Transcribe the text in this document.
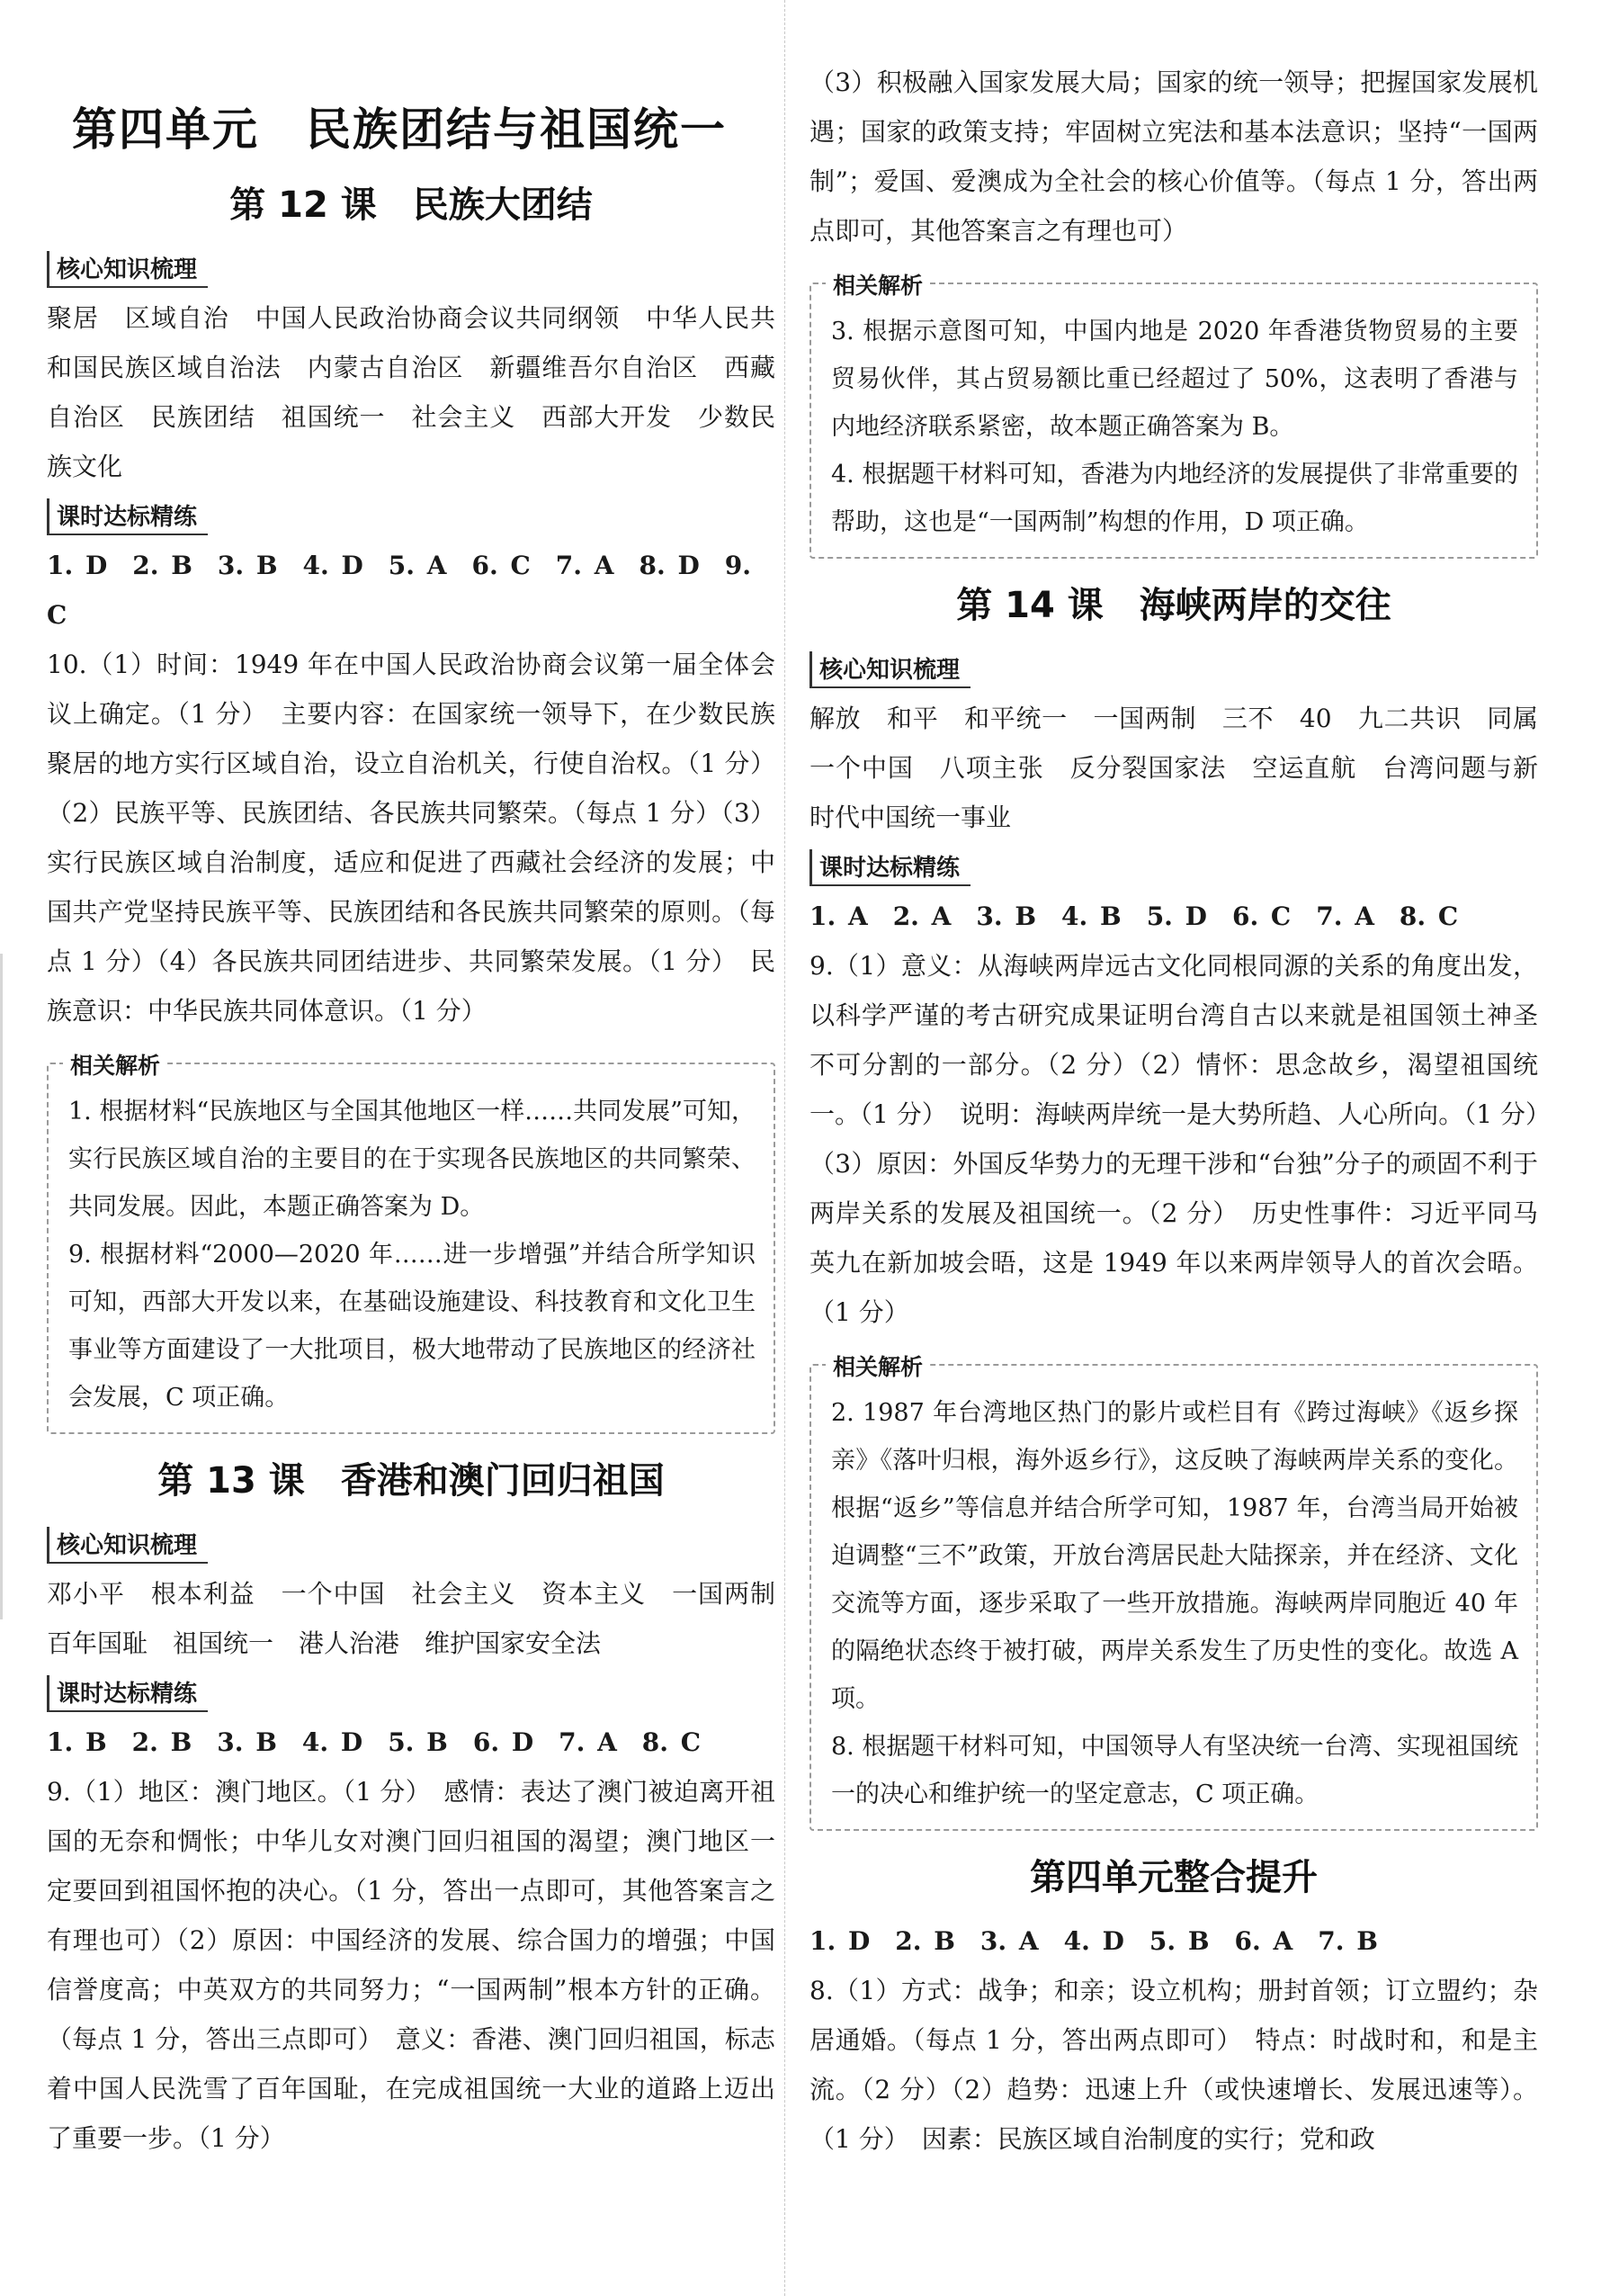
第四单元　民族团结与祖国统一
第 12 课　民族大团结
核心知识梳理

聚居　区域自治　中国人民政治协商会议共同纲领　中华人民共和国民族区域自治法　内蒙古自治区　新疆维吾尔自治区　西藏自治区　民族团结　祖国统一　社会主义　西部大开发　少数民族文化

课时达标精练

1. D　2. B　3. B　4. D　5. A　6. C　7. A　8. D　9. C

10.（1）时间：1949 年在中国人民政治协商会议第一届全体会议上确定。（1 分）　主要内容：在国家统一领导下，在少数民族聚居的地方实行区域自治，设立自治机关，行使自治权。（1 分）（2）民族平等、民族团结、各民族共同繁荣。（每点 1 分）（3）实行民族区域自治制度，适应和促进了西藏社会经济的发展；中国共产党坚持民族平等、民族团结和各民族共同繁荣的原则。（每点 1 分）（4）各民族共同团结进步、共同繁荣发展。（1 分）　民族意识：中华民族共同体意识。（1 分）

相关解析

1. 根据材料“民族地区与全国其他地区一样……共同发展”可知，实行民族区域自治的主要目的在于实现各民族地区的共同繁荣、共同发展。因此，本题正确答案为 D。

9. 根据材料“2000—2020 年……进一步增强”并结合所学知识可知，西部大开发以来，在基础设施建设、科技教育和文化卫生事业等方面建设了一大批项目，极大地带动了民族地区的经济社会发展，C 项正确。

第 13 课　香港和澳门回归祖国
核心知识梳理

邓小平　根本利益　一个中国　社会主义　资本主义　一国两制　百年国耻　祖国统一　港人治港　维护国家安全法

课时达标精练

1. B　2. B　3. B　4. D　5. B　6. D　7. A　8. C

9.（1）地区：澳门地区。（1 分）　感情：表达了澳门被迫离开祖国的无奈和惆怅；中华儿女对澳门回归祖国的渴望；澳门地区一定要回到祖国怀抱的决心。（1 分，答出一点即可，其他答案言之有理也可）（2）原因：中国经济的发展、综合国力的增强；中国信誉度高；中英双方的共同努力；“一国两制”根本方针的正确。（每点 1 分，答出三点即可）　意义：香港、澳门回归祖国，标志着中国人民洗雪了百年国耻，在完成祖国统一大业的道路上迈出了重要一步。（1 分）

（3）积极融入国家发展大局；国家的统一领导；把握国家发展机遇；国家的政策支持；牢固树立宪法和基本法意识；坚持“一国两制”；爱国、爱澳成为全社会的核心价值等。（每点 1 分，答出两点即可，其他答案言之有理也可）

相关解析

3. 根据示意图可知，中国内地是 2020 年香港货物贸易的主要贸易伙伴，其占贸易额比重已经超过了 50%，这表明了香港与内地经济联系紧密，故本题正确答案为 B。

4. 根据题干材料可知，香港为内地经济的发展提供了非常重要的帮助，这也是“一国两制”构想的作用，D 项正确。

第 14 课　海峡两岸的交往
核心知识梳理

解放　和平　和平统一　一国两制　三不　40　九二共识　同属一个中国　八项主张　反分裂国家法　空运直航　台湾问题与新时代中国统一事业

课时达标精练

1. A　2. A　3. B　4. B　5. D　6. C　7. A　8. C

9.（1）意义：从海峡两岸远古文化同根同源的关系的角度出发，以科学严谨的考古研究成果证明台湾自古以来就是祖国领土神圣不可分割的一部分。（2 分）（2）情怀：思念故乡，渴望祖国统一。（1 分）　说明：海峡两岸统一是大势所趋、人心所向。（1 分）（3）原因：外国反华势力的无理干涉和“台独”分子的顽固不利于两岸关系的发展及祖国统一。（2 分）　历史性事件：习近平同马英九在新加坡会晤，这是 1949 年以来两岸领导人的首次会晤。（1 分）

相关解析

2. 1987 年台湾地区热门的影片或栏目有《跨过海峡》《返乡探亲》《落叶归根，海外返乡行》，这反映了海峡两岸关系的变化。根据“返乡”等信息并结合所学可知，1987 年，台湾当局开始被迫调整“三不”政策，开放台湾居民赴大陆探亲，并在经济、文化交流等方面，逐步采取了一些开放措施。海峡两岸同胞近 40 年的隔绝状态终于被打破，两岸关系发生了历史性的变化。故选 A 项。

8. 根据题干材料可知，中国领导人有坚决统一台湾、实现祖国统一的决心和维护统一的坚定意志，C 项正确。

第四单元整合提升

1. D　2. B　3. A　4. D　5. B　6. A　7. B

8.（1）方式：战争；和亲；设立机构；册封首领；订立盟约；杂居通婚。（每点 1 分，答出两点即可）　特点：时战时和，和是主流。（2 分）（2）趋势：迅速上升（或快速增长、发展迅速等）。（1 分）　因素：民族区域自治制度的实行；党和政
